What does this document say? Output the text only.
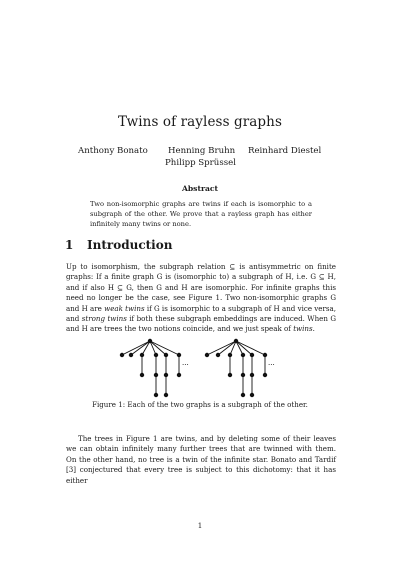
Twins of rayless graphs
Anthony Bonato Henning Bruhn Reinhard Diestel
Philipp Sprüssel
Abstract
Two non-isomorphic graphs are twins if each is isomorphic to a subgraph of the other. We prove that a rayless graph has either infinitely many twins or none.
1 Introduction
Up to isomorphism, the subgraph relation ⊆ is antisymmetric on finite graphs: If a finite graph G is (isomorphic to) a subgraph of H, i.e. G ⊆ H, and if also H ⊆ G, then G and H are isomorphic. For infinite graphs this need no longer be the case, see Figure 1. Two non-isomorphic graphs G and H are weak twins if G is isomorphic to a subgraph of H and vice versa, and strong twins if both these subgraph embeddings are induced. When G and H are trees the two notions coincide, and we just speak of twins.
...	...
Figure 1: Each of the two graphs is a subgraph of the other.
The trees in Figure 1 are twins, and by deleting some of their leaves we can obtain infinitely many further trees that are twinned with them. On the other hand, no tree is a twin of the infinite star. Bonato and Tardif [3] conjectured that every tree is subject to this dichotomy: that it has either
1
